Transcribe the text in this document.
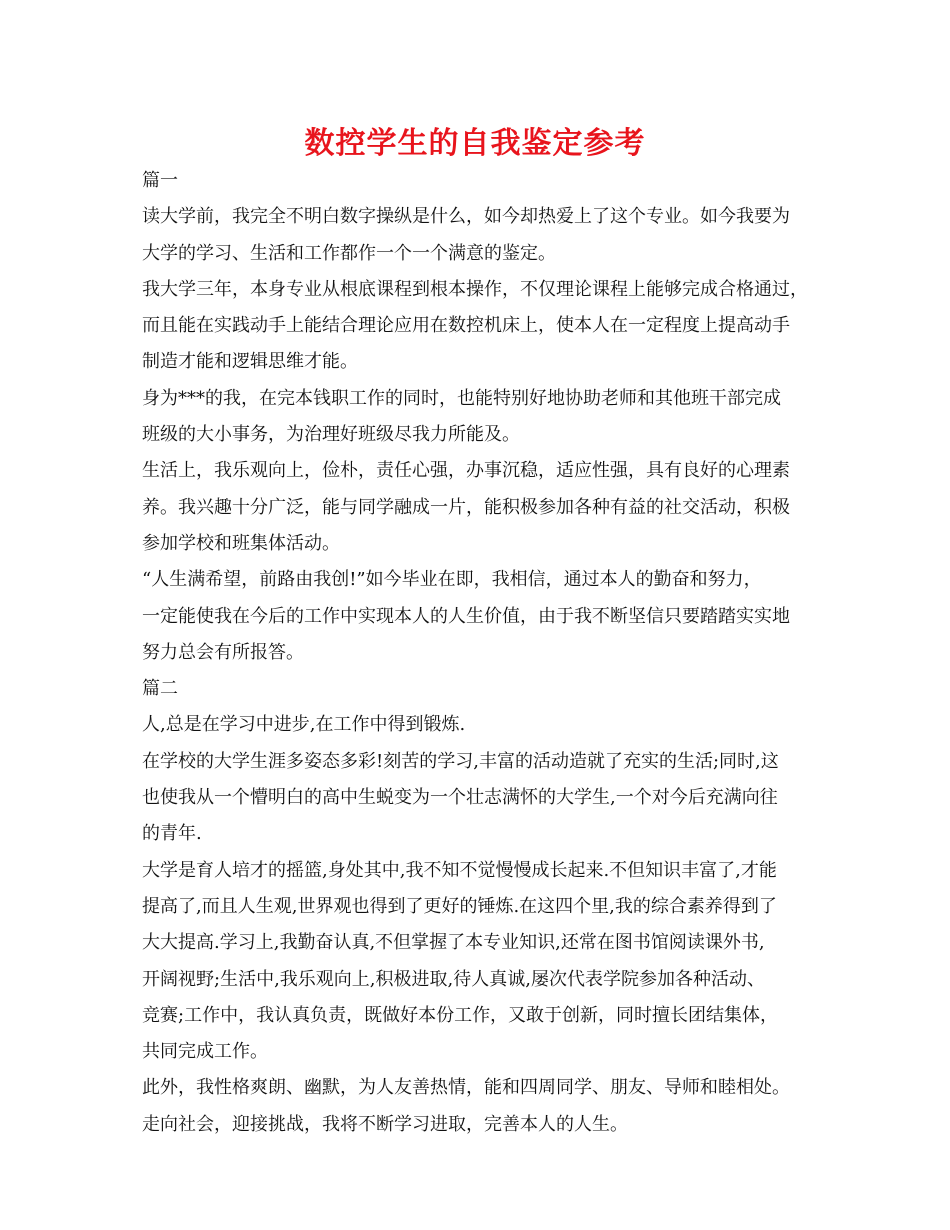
数控学生的自我鉴定参考
篇一
读大学前，我完全不明白数字操纵是什么，如今却热爱上了这个专业。如今我要为
大学的学习、生活和工作都作一个一个满意的鉴定。
我大学三年，本身专业从根底课程到根本操作，不仅理论课程上能够完成合格通过，
而且能在实践动手上能结合理论应用在数控机床上，使本人在一定程度上提高动手
制造才能和逻辑思维才能。
身为***的我，在完本钱职工作的同时，也能特别好地协助老师和其他班干部完成
班级的大小事务，为治理好班级尽我力所能及。
生活上，我乐观向上，俭朴，责任心强，办事沉稳，适应性强，具有良好的心理素
养。我兴趣十分广泛，能与同学融成一片，能积极参加各种有益的社交活动，积极
参加学校和班集体活动。
“人生满希望，前路由我创!”如今毕业在即，我相信，通过本人的勤奋和努力，
一定能使我在今后的工作中实现本人的人生价值，由于我不断坚信只要踏踏实实地
努力总会有所报答。
篇二
人,总是在学习中进步,在工作中得到锻炼.
在学校的大学生涯多姿态多彩!刻苦的学习,丰富的活动造就了充实的生活;同时,这
也使我从一个懵明白的高中生蜕变为一个壮志满怀的大学生,一个对今后充满向往
的青年.
大学是育人培才的摇篮,身处其中,我不知不觉慢慢成长起来.不但知识丰富了,才能
提高了,而且人生观,世界观也得到了更好的锤炼.在这四个里,我的综合素养得到了
大大提高.学习上,我勤奋认真,不但掌握了本专业知识,还常在图书馆阅读课外书,
开阔视野;生活中,我乐观向上,积极进取,待人真诚,屡次代表学院参加各种活动、
竞赛;工作中，我认真负责，既做好本份工作，又敢于创新，同时擅长团结集体，
共同完成工作。
此外，我性格爽朗、幽默，为人友善热情，能和四周同学、朋友、导师和睦相处。
走向社会，迎接挑战，我将不断学习进取，完善本人的人生。
